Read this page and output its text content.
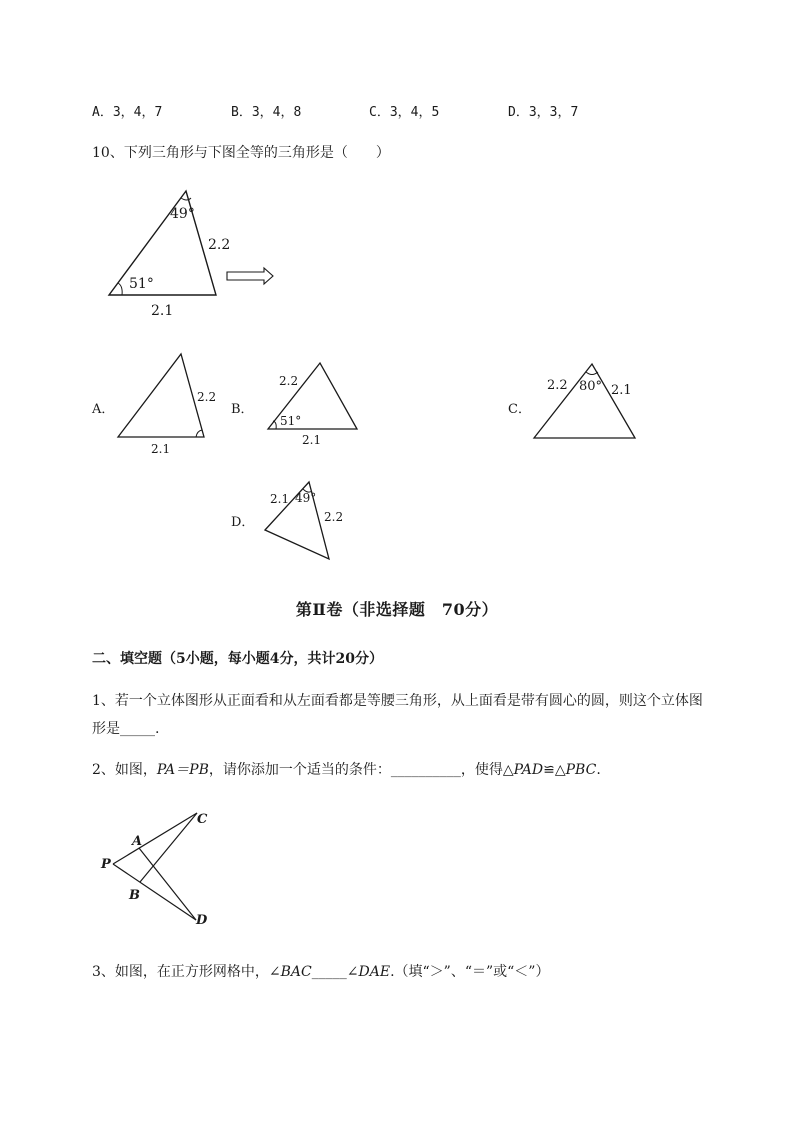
A．3，4，7	B．3，4，8	C．3，4，5	D．3，3，7
10、下列三角形与下图全等的三角形是（　　）
49°
2.2
51°
2.1
A．
2.2
2.1
B．
2.2
51°
2.1
C．
2.2 80° 2.1
D．
2.1 49°
2.2
第Ⅱ卷（非选择题　70分）
二、填空题（5小题，每小题4分，共计20分）
1、若一个立体图形从正面看和从左面看都是等腰三角形，从上面看是带有圆心的圆，则这个立体图
形是_____.
2、如图，PA＝PB，请你添加一个适当的条件：__________，使得△PAD≌△PBC.
P
A
B
C
D
3、如图，在正方形网格中，∠BAC_____∠DAE.（填“＞”、“＝”或“＜”）
